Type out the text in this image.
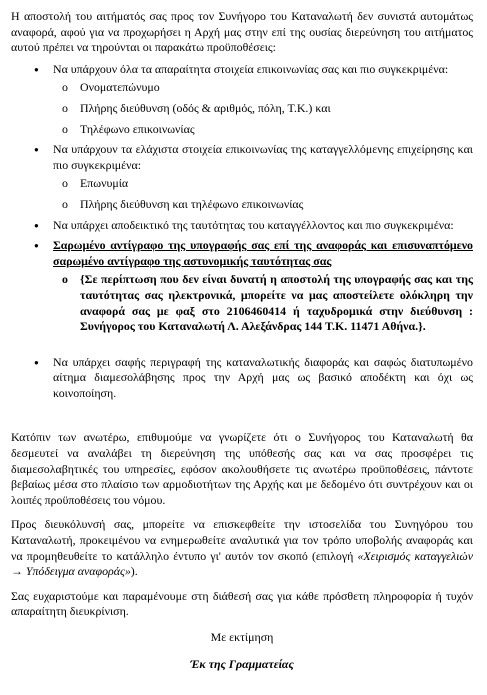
Η αποστολή του αιτήματός σας προς τον Συνήγορο του Καταναλωτή δεν συνιστά αυτομάτως αναφορά, αφού για να προχωρήσει η Αρχή μας στην επί της ουσίας διερεύνηση του αιτήματος αυτού πρέπει να τηρούνται οι παρακάτω προϋποθέσεις:

● Να υπάρχουν όλα τα απαραίτητα στοιχεία επικοινωνίας σας και πιο συγκεκριμένα:
o Ονοματεπώνυμο
o Πλήρης διεύθυνση (οδός & αριθμός, πόλη, Τ.Κ.) και
o Τηλέφωνο επικοινωνίας
● Να υπάρχουν τα ελάχιστα στοιχεία επικοινωνίας της καταγγελλόμενης επιχείρησης και πιο συγκεκριμένα:
o Επωνυμία
o Πλήρης διεύθυνση και τηλέφωνο επικοινωνίας
● Να υπάρχει αποδεικτικό της ταυτότητας του καταγγέλλοντος και πιο συγκεκριμένα:
● Σαρωμένο αντίγραφο της υπογραφής σας επί της αναφοράς και επισυναπτόμενο σαρωμένο αντίγραφο της αστυνομικής ταυτότητας σας
o {Σε περίπτωση που δεν είναι δυνατή η αποστολή της υπογραφής σας και της ταυτότητας σας ηλεκτρονικά, μπορείτε να μας αποστείλετε ολόκληρη την αναφορά σας με φαξ στο 2106460414 ή ταχυδρομικά στην διεύθυνση : Συνήγορος του Καταναλωτή Λ. Αλεξάνδρας 144 Τ.Κ. 11471 Αθήνα.}.
● Να υπάρχει σαφής περιγραφή της καταναλωτικής διαφοράς και σαφώς διατυπωμένο αίτημα διαμεσολάβησης προς την Αρχή μας ως βασικό αποδέκτη και όχι ως κοινοποίηση.

Κατόπιν των ανωτέρω, επιθυμούμε να γνωρίζετε ότι ο Συνήγορος του Καταναλωτή θα δεσμευτεί να αναλάβει τη διερεύνηση της υπόθεσής σας και να σας προσφέρει τις διαμεσολαβητικές του υπηρεσίες, εφόσον ακολουθήσετε τις ανωτέρω προϋποθέσεις, πάντοτε βεβαίως μέσα στο πλαίσιο των αρμοδιοτήτων της Αρχής και με δεδομένο ότι συντρέχουν και οι λοιπές προϋποθέσεις του νόμου.

Προς διευκόλυνσή σας, μπορείτε να επισκεφθείτε την ιστοσελίδα του Συνηγόρου του Καταναλωτή, προκειμένου να ενημερωθείτε αναλυτικά για τον τρόπο υποβολής αναφοράς και να προμηθευθείτε το κατάλληλο έντυπο γι' αυτόν τον σκοπό (επιλογή «Χειρισμός καταγγελιών → Υπόδειγμα αναφοράς»).

Σας ευχαριστούμε και παραμένουμε στη διάθεσή σας για κάθε πρόσθετη πληροφορία ή τυχόν απαραίτητη διευκρίνιση.

Με εκτίμηση
Έκ της Γραμματείας
